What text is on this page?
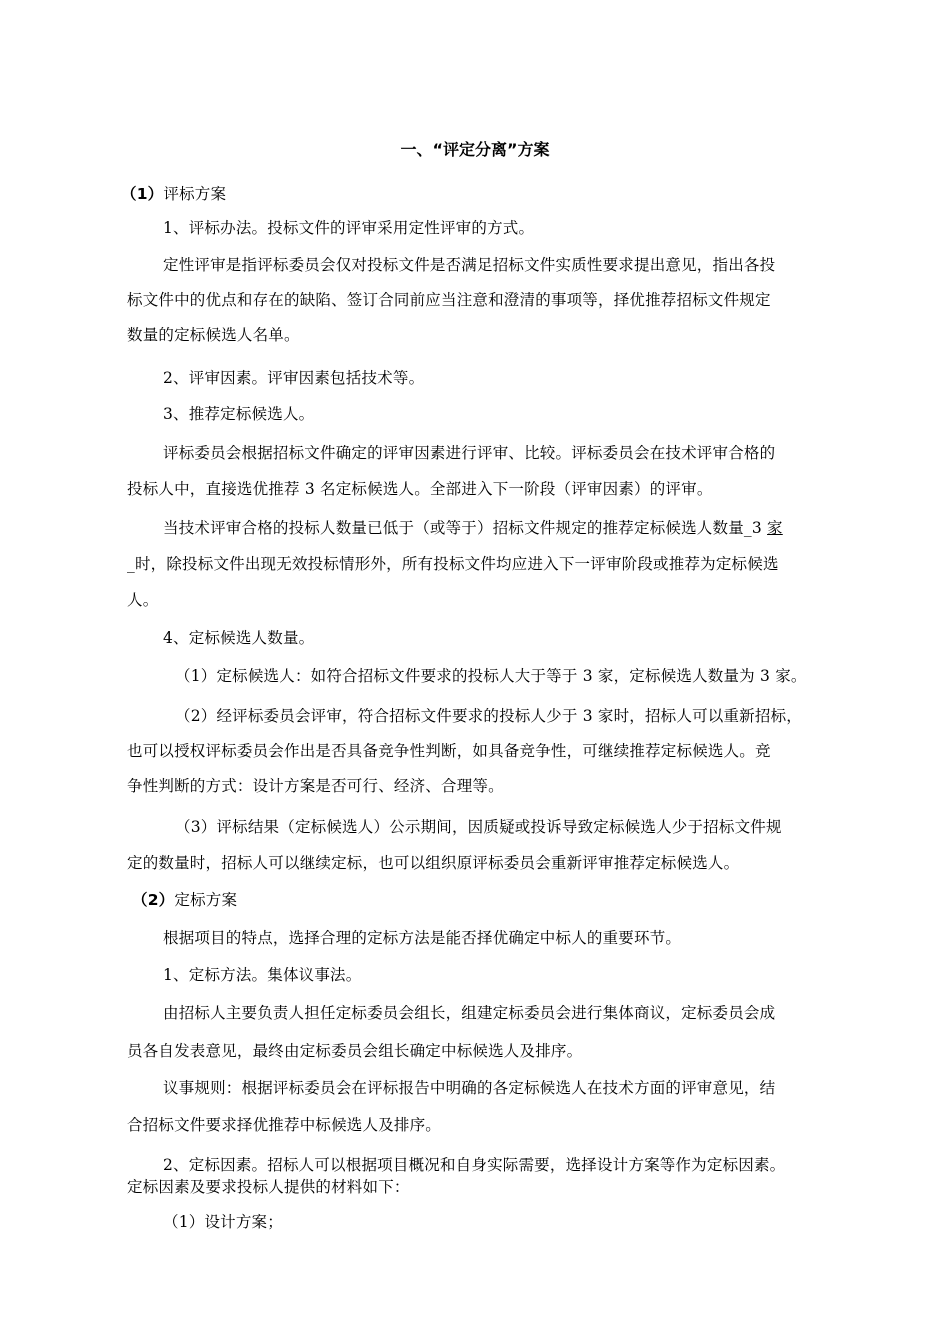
一、“评定分离”方案
（1）评标方案
1、评标办法。投标文件的评审采用定性评审的方式。
定性评审是指评标委员会仅对投标文件是否满足招标文件实质性要求提出意见，指出各投
标文件中的优点和存在的缺陷、签订合同前应当注意和澄清的事项等，择优推荐招标文件规定
数量的定标候选人名单。
2、评审因素。评审因素包括技术等。
3、推荐定标候选人。
评标委员会根据招标文件确定的评审因素进行评审、比较。评标委员会在技术评审合格的
投标人中，直接选优推荐 3 名定标候选人。全部进入下一阶段（评审因素）的评审。
当技术评审合格的投标人数量已低于（或等于）招标文件规定的推荐定标候选人数量_3 家
_时，除投标文件出现无效投标情形外，所有投标文件均应进入下一评审阶段或推荐为定标候选
人。
4、定标候选人数量。
（1）定标候选人：如符合招标文件要求的投标人大于等于 3 家，定标候选人数量为 3 家。
（2）经评标委员会评审，符合招标文件要求的投标人少于 3 家时，招标人可以重新招标，
也可以授权评标委员会作出是否具备竞争性判断，如具备竞争性，可继续推荐定标候选人。竞
争性判断的方式：设计方案是否可行、经济、合理等。
（3）评标结果（定标候选人）公示期间，因质疑或投诉导致定标候选人少于招标文件规
定的数量时，招标人可以继续定标，也可以组织原评标委员会重新评审推荐定标候选人。
（2）定标方案
根据项目的特点，选择合理的定标方法是能否择优确定中标人的重要环节。
1、定标方法。集体议事法。
由招标人主要负责人担任定标委员会组长，组建定标委员会进行集体商议，定标委员会成
员各自发表意见，最终由定标委员会组长确定中标候选人及排序。
议事规则：根据评标委员会在评标报告中明确的各定标候选人在技术方面的评审意见，结
合招标文件要求择优推荐中标候选人及排序。
2、定标因素。招标人可以根据项目概况和自身实际需要，选择设计方案等作为定标因素。
定标因素及要求投标人提供的材料如下：
（1）设计方案；
